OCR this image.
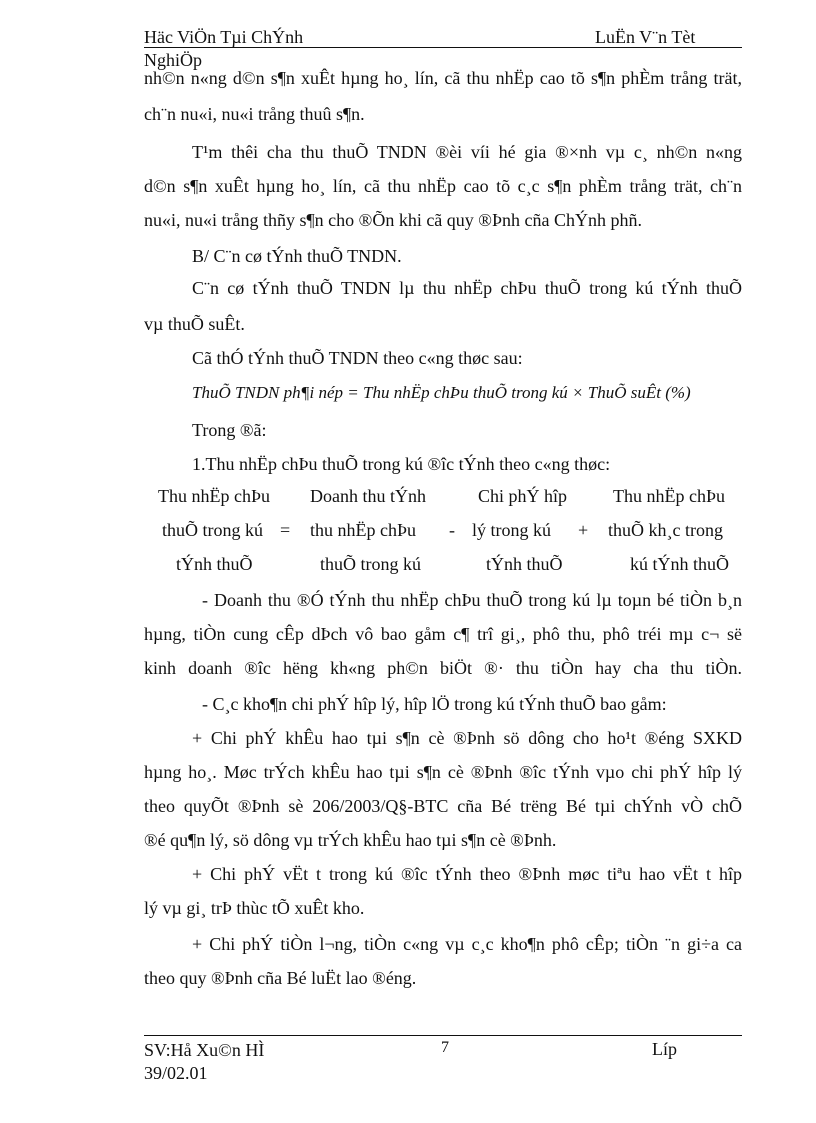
Häc ViÖn Tµi ChÝnh	LuËn V¨n Tèt
NghiÖp
nh©n n«ng d©n s¶n xuÊt hµng ho¸ lín, cã thu nhËp cao tõ s¶n phÈm trång trät,
ch¨n nu«i, nu«i trång thuû s¶n.
T¹m thêi cha thu thuÕ TNDN ®èi víi hé gia ®×nh vµ c¸ nh©n n«ng
d©n s¶n xuÊt hµng ho¸ lín, cã thu nhËp cao tõ c¸c s¶n phÈm trång trät, ch¨n
nu«i, nu«i trång thñy s¶n cho ®Õn khi cã quy ®Þnh cña ChÝnh phñ.
B/ C¨n cø tÝnh thuÕ TNDN.
C¨n cø tÝnh thuÕ TNDN lµ thu nhËp chÞu thuÕ trong kú tÝnh thuÕ
vµ thuÕ suÊt.
Cã thÓ tÝnh thuÕ TNDN theo c«ng thøc sau:
ThuÕ TNDN ph¶i nép = Thu nhËp chÞu thuÕ trong kú × ThuÕ suÊt (%)
Trong ®ã:
1.Thu nhËp chÞu thuÕ trong kú ®îc tÝnh theo c«ng thøc:
Thu nhËp chÞu
thuÕ trong kú
tÝnh thuÕ
=
Doanh thu tÝnh
thu nhËp chÞu
thuÕ trong kú
-
Chi phÝ hîp
lý trong kú
tÝnh thuÕ
+
Thu nhËp chÞu
thuÕ kh¸c trong
kú tÝnh thuÕ
- Doanh thu ®Ó tÝnh thu nhËp chÞu thuÕ trong kú lµ toµn bé tiÒn b¸n
hµng, tiÒn cung cÊp dÞch vô bao gåm c¶ trî gi¸, phô thu, phô tréi mµ c¬ së
kinh doanh ®îc hëng kh«ng ph©n biÖt ®· thu tiÒn hay cha thu tiÒn.
- C¸c kho¶n chi phÝ hîp lý, hîp lÖ trong kú tÝnh thuÕ bao gåm:
+ Chi phÝ khÊu hao tµi s¶n cè ®Þnh sö dông cho ho¹t ®éng SXKD
hµng ho¸. Møc trÝch khÊu hao tµi s¶n cè ®Þnh ®îc tÝnh vµo chi phÝ hîp lý
theo quyÕt ®Þnh sè 206/2003/Q§-BTC cña Bé trëng Bé tµi chÝnh vÒ chÕ
®é qu¶n lý, sö dông vµ trÝch khÊu hao tµi s¶n cè ®Þnh.
+ Chi phÝ vËt t trong kú ®îc tÝnh theo ®Þnh møc tiªu hao vËt t hîp
lý vµ gi¸ trÞ thùc tÕ xuÊt kho.
+ Chi phÝ tiÒn l¬ng, tiÒn c«ng vµ c¸c kho¶n phô cÊp; tiÒn ¨n gi÷a ca
theo quy ®Þnh cña Bé luËt lao ®éng.
SV:Hå Xu©n HÌ	7	Líp
39/02.01
